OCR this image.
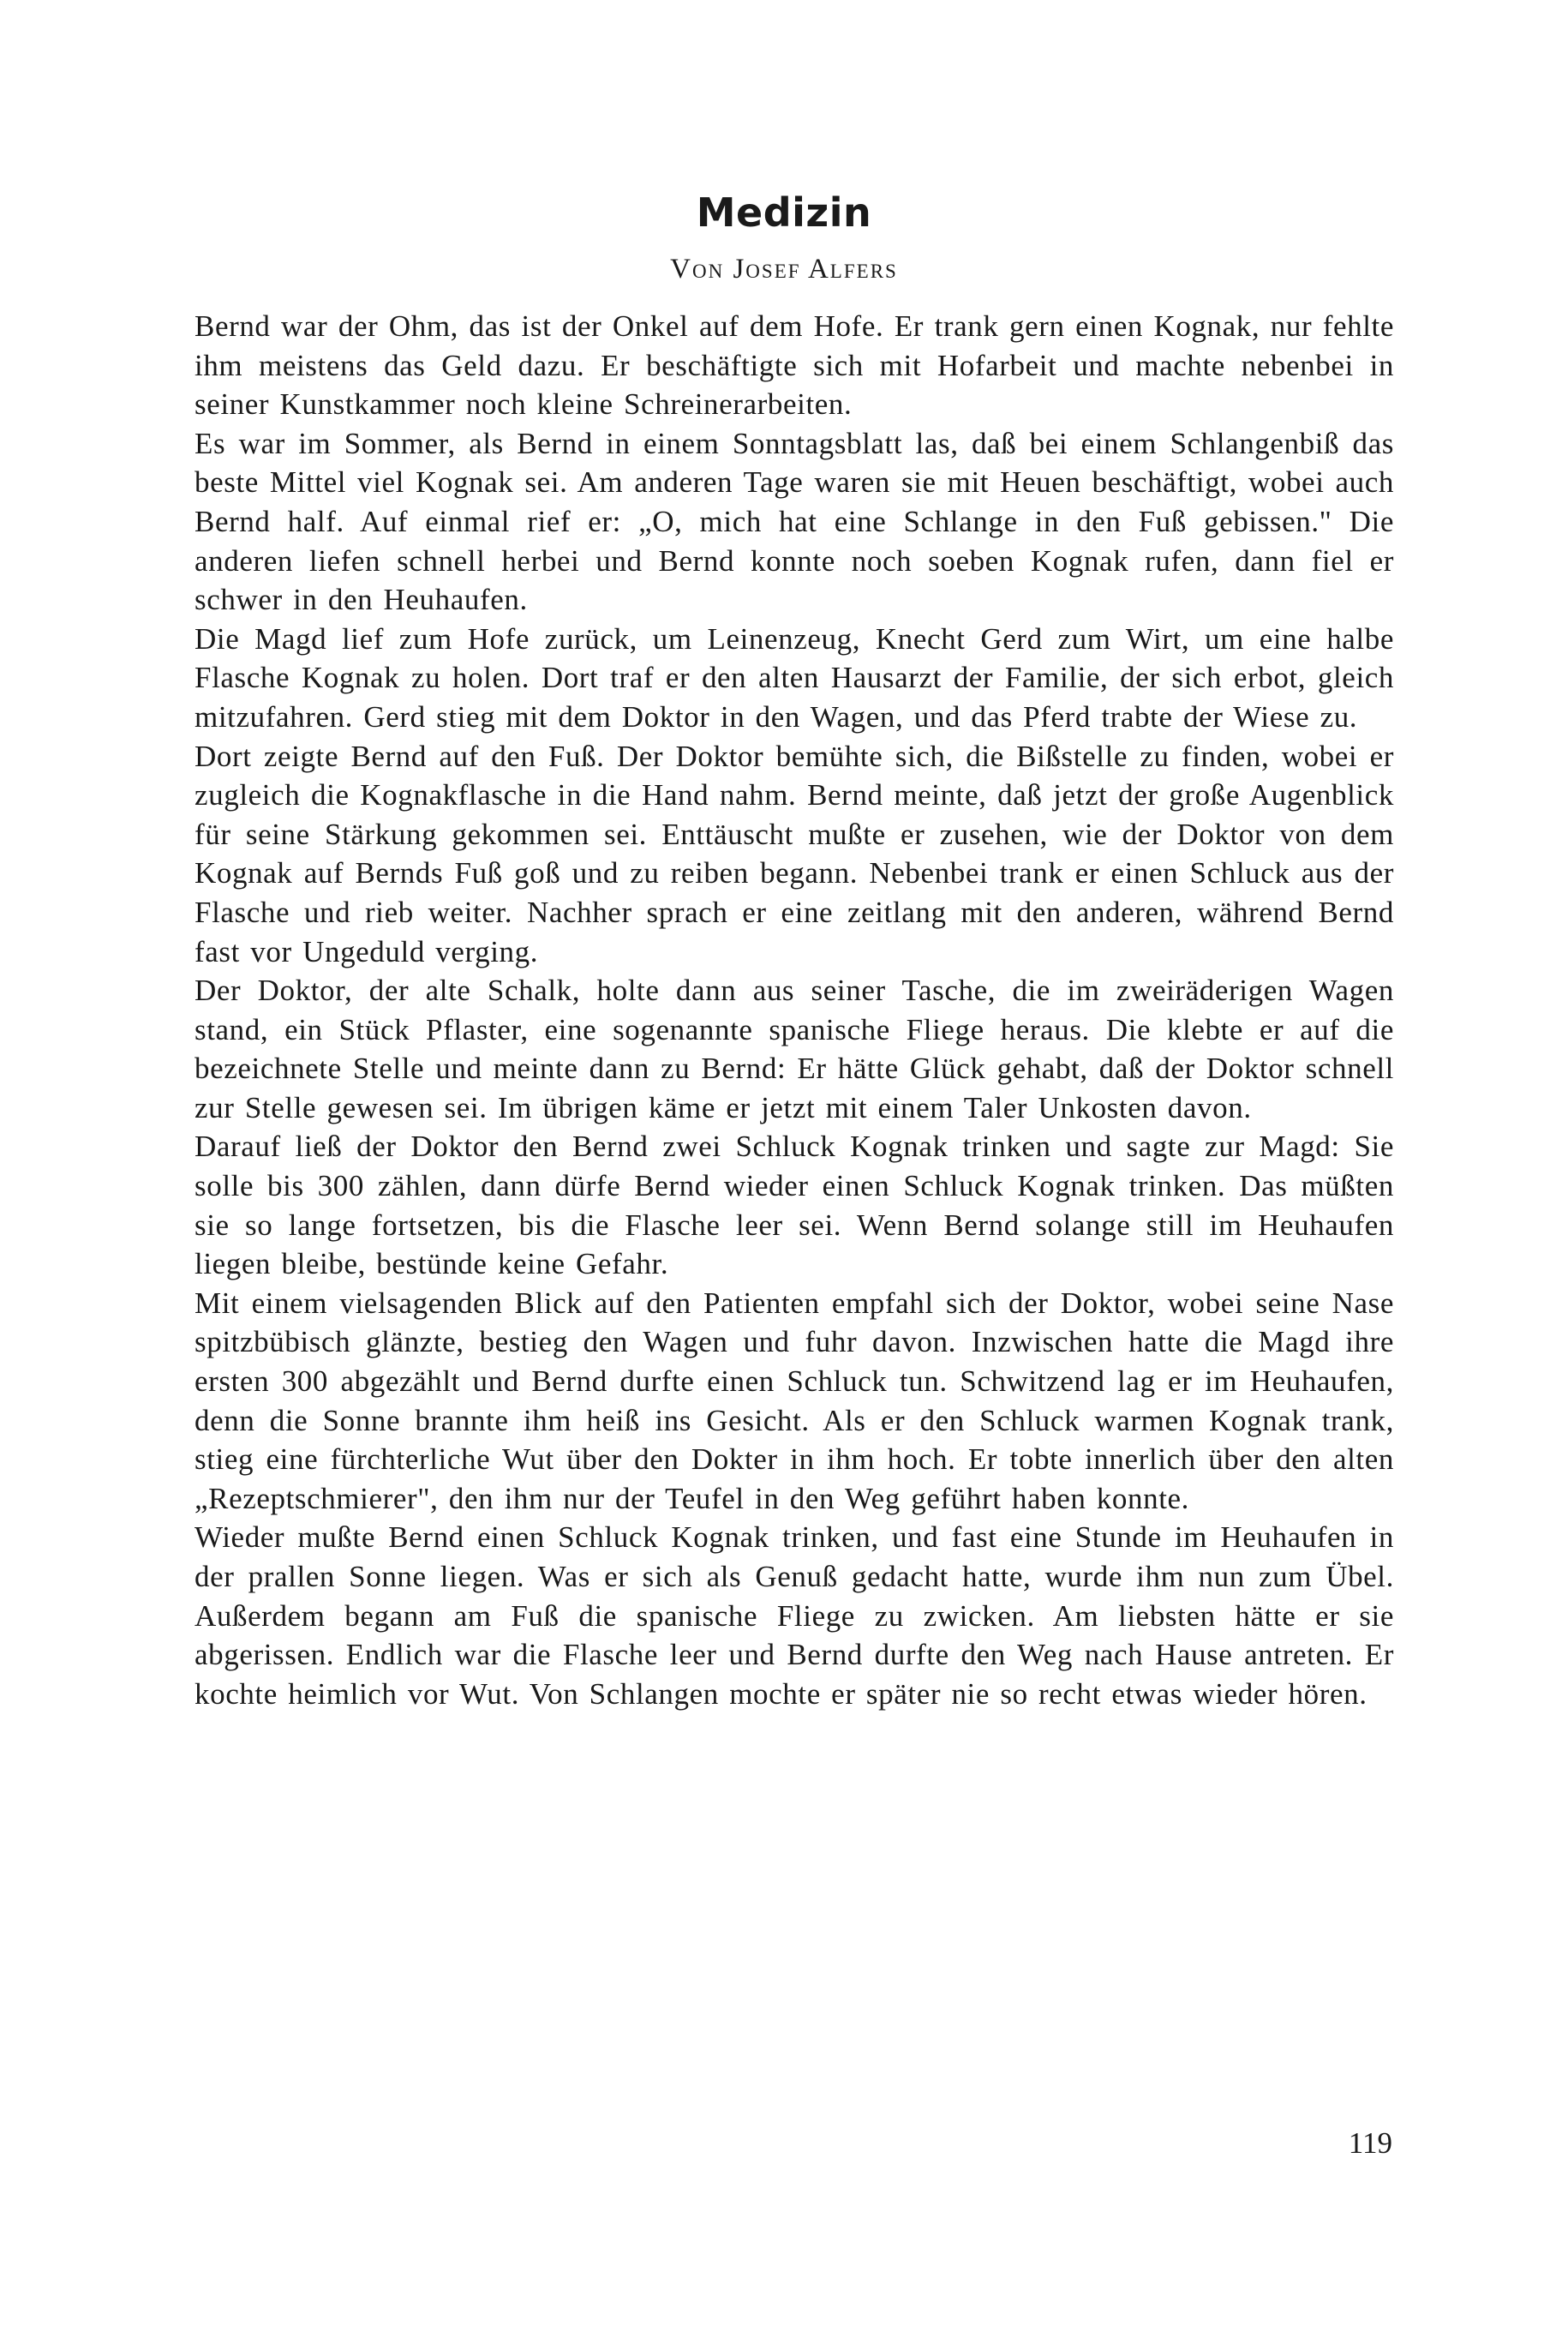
Medizin
Von Josef Alfers

Bernd war der Ohm, das ist der Onkel auf dem Hofe. Er trank gern einen Kognak, nur fehlte ihm meistens das Geld dazu. Er beschäftigte sich mit Hofarbeit und machte nebenbei in seiner Kunstkammer noch kleine Schreinerarbeiten.

Es war im Sommer, als Bernd in einem Sonntagsblatt las, daß bei einem Schlangenbiß das beste Mittel viel Kognak sei. Am anderen Tage waren sie mit Heuen beschäftigt, wobei auch Bernd half. Auf einmal rief er: „O, mich hat eine Schlange in den Fuß gebissen." Die anderen liefen schnell herbei und Bernd konnte noch soeben Kognak rufen, dann fiel er schwer in den Heuhaufen.

Die Magd lief zum Hofe zurück, um Leinenzeug, Knecht Gerd zum Wirt, um eine halbe Flasche Kognak zu holen. Dort traf er den alten Hausarzt der Familie, der sich erbot, gleich mitzufahren. Gerd stieg mit dem Doktor in den Wagen, und das Pferd trabte der Wiese zu.

Dort zeigte Bernd auf den Fuß. Der Doktor bemühte sich, die Bißstelle zu finden, wobei er zugleich die Kognakflasche in die Hand nahm. Bernd meinte, daß jetzt der große Augenblick für seine Stärkung gekommen sei. Enttäuscht mußte er zusehen, wie der Doktor von dem Kognak auf Bernds Fuß goß und zu reiben begann. Nebenbei trank er einen Schluck aus der Flasche und rieb weiter. Nachher sprach er eine zeitlang mit den anderen, während Bernd fast vor Ungeduld verging.

Der Doktor, der alte Schalk, holte dann aus seiner Tasche, die im zweiräderigen Wagen stand, ein Stück Pflaster, eine sogenannte spanische Fliege heraus. Die klebte er auf die bezeichnete Stelle und meinte dann zu Bernd: Er hätte Glück gehabt, daß der Doktor schnell zur Stelle gewesen sei. Im übrigen käme er jetzt mit einem Taler Unkosten davon.

Darauf ließ der Doktor den Bernd zwei Schluck Kognak trinken und sagte zur Magd: Sie solle bis 300 zählen, dann dürfe Bernd wieder einen Schluck Kognak trinken. Das müßten sie so lange fortsetzen, bis die Flasche leer sei. Wenn Bernd solange still im Heuhaufen liegen bleibe, bestünde keine Gefahr.

Mit einem vielsagenden Blick auf den Patienten empfahl sich der Doktor, wobei seine Nase spitzbübisch glänzte, bestieg den Wagen und fuhr davon. Inzwischen hatte die Magd ihre ersten 300 abgezählt und Bernd durfte einen Schluck tun. Schwitzend lag er im Heuhaufen, denn die Sonne brannte ihm heiß ins Gesicht. Als er den Schluck warmen Kognak trank, stieg eine fürchterliche Wut über den Dokter in ihm hoch. Er tobte innerlich über den alten „Rezeptschmierer", den ihm nur der Teufel in den Weg geführt haben konnte.

Wieder mußte Bernd einen Schluck Kognak trinken, und fast eine Stunde im Heuhaufen in der prallen Sonne liegen. Was er sich als Genuß gedacht hatte, wurde ihm nun zum Übel. Außerdem begann am Fuß die spanische Fliege zu zwicken. Am liebsten hätte er sie abgerissen. Endlich war die Flasche leer und Bernd durfte den Weg nach Hause antreten. Er kochte heimlich vor Wut. Von Schlangen mochte er später nie so recht etwas wieder hören.

119
